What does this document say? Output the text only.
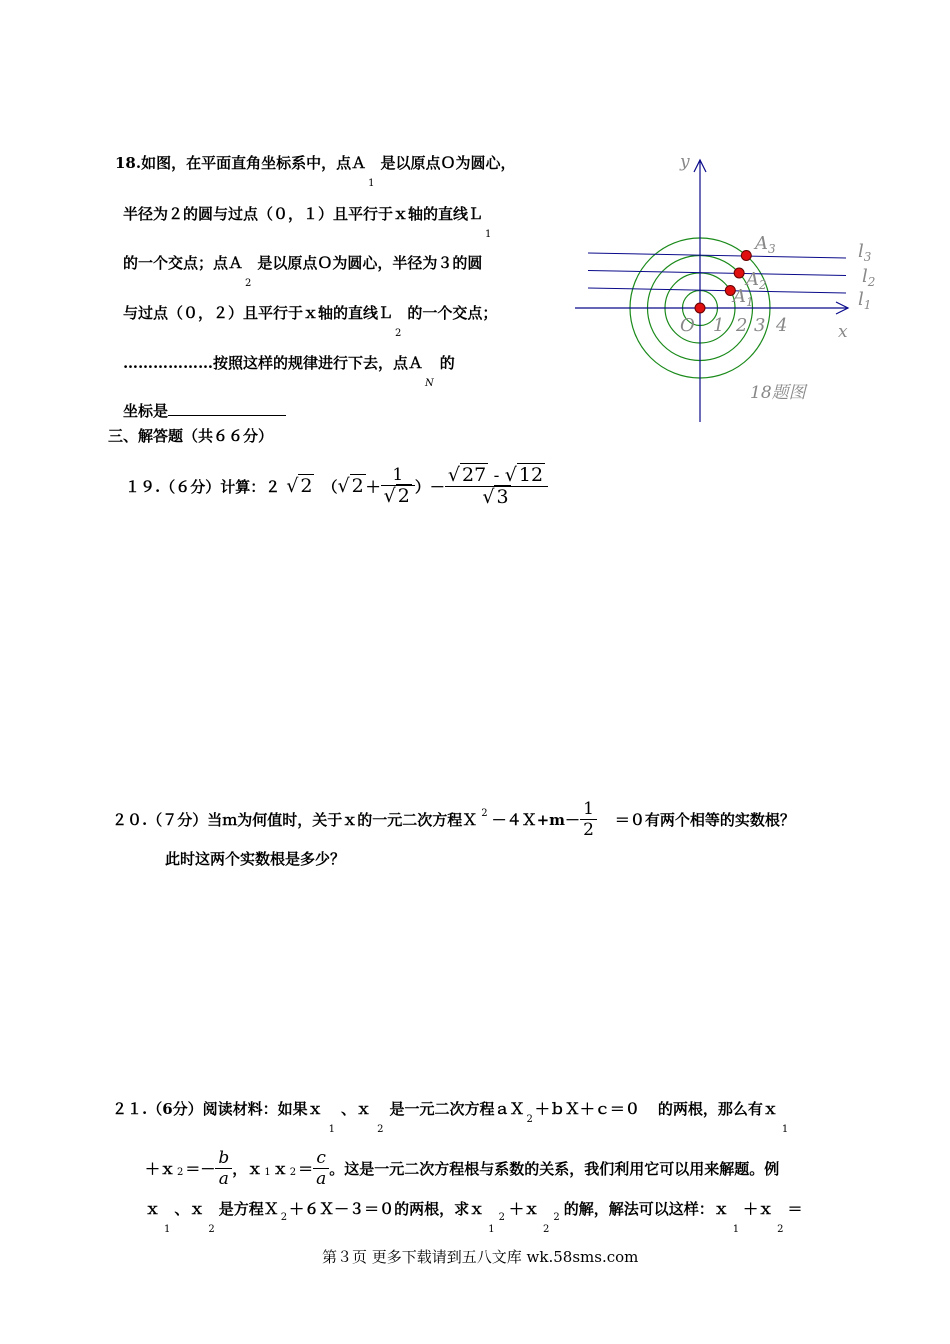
18.如图，在平面直角坐标系中，点Ａ$_1$是以原点Ｏ为圆心，
半径为２的圆与过点（０，１）且平行于ｘ轴的直线Ｌ$_1$
的一个交点；点Ａ$_2$是以原点Ｏ为圆心，半径为３的圆
与过点（０，２）且平行于ｘ轴的直线Ｌ$_2$的一个交点；
………………按照这样的规律进行下去，点Ａ$_N$的
坐标是
y
x
O 1 2 3 4
$A_1$
$A_2$
$A_3$
$l_1$
$l_2$
$l_3$
18题图
三、解答题（共６６分）
１９.（６分）计算：２ √ 2 （ √ $2 + \frac{1}{√ 2}$ ）－ $\frac{√ 27 - √ 12}{√ 3}$
２０.（７分）当ｍ为何值时，关于ｘ的一元二次方程Ｘ $^2$ －４Ｘ+m－ $\frac{1}{2} =0$有两个相等的实数根？
此时这两个实数根是多少？
２１.（6分）阅读材料：如果ｘ$_1$、ｘ$_2$是一元二次方程ａＸ$_2$＋ｂＸ＋ｃ＝０ 的两根，那么有ｘ$_1$
＋ｘ $2 =- \frac{b}{a}$ ，ｘ 1 ｘ $2 = \frac{c}{a}$ 。这是一元二次方程根与系数的关系，我们利用它可以用来解题。例
ｘ$_1$、ｘ$_2$是方程Ｘ $_2$ ＋６Ｘ－３＝０的两根，求ｘ$_{12}$ ＋ｘ$_{22}$ 的解，解法可以这样：ｘ$_1$＋ｘ$_2$＝
第３页 更多下载请到五八文库 wk.58sms.com
